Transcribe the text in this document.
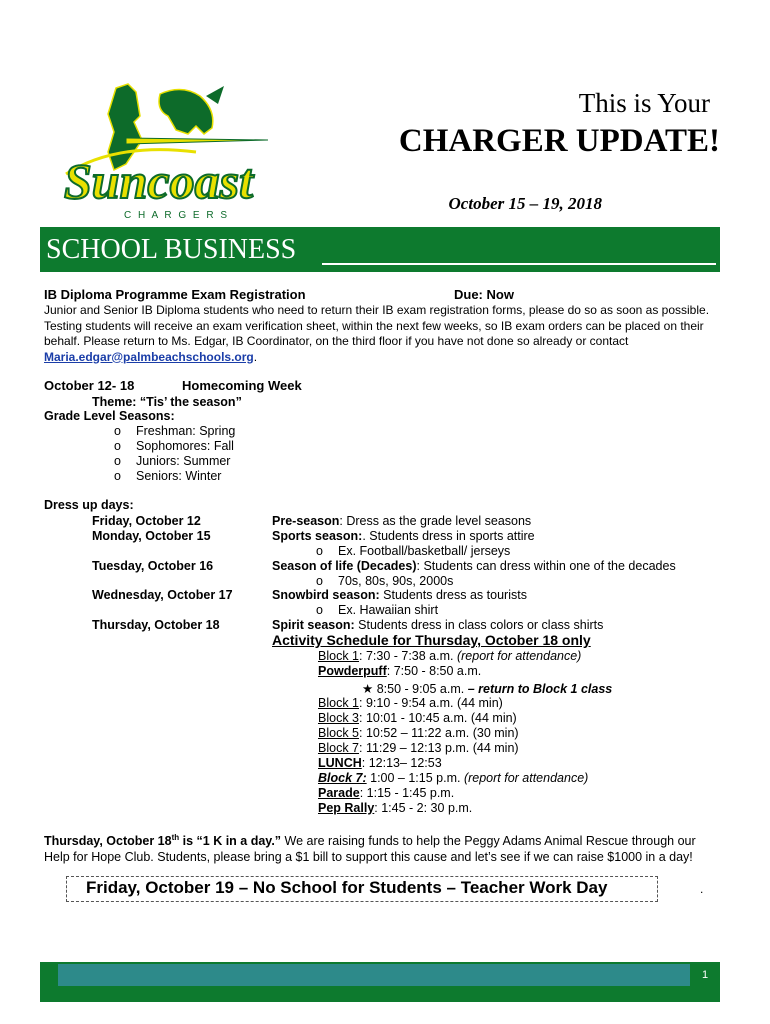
Suncoast
C H A R G E R S
This is Your
CHARGER UPDATE!
October 15 – 19, 2018
SCHOOL BUSINESS
IB Diploma Programme Exam Registration	Due: Now
Junior and Senior IB Diploma students who need to return their IB exam registration forms, please do so as soon as possible. Testing students will receive an exam verification sheet, within the next few weeks, so IB exam orders can be placed on their behalf. Please return to Ms. Edgar, IB Coordinator, on the third floor if you have not done so already or contact Maria.edgar@palmbeachschools.org.
October 12- 18	Homecoming Week
Theme: “Tis’ the season”
Grade Level Seasons:
o Freshman: Spring
o Sophomores: Fall
o Juniors: Summer
o Seniors: Winter
Dress up days:
Friday, October 12	Pre-season: Dress as the grade level seasons
Monday, October 15	Sports season:. Students dress in sports attire
o Ex. Football/basketball/ jerseys
Tuesday, October 16	Season of life (Decades): Students can dress within one of the decades
o 70s, 80s, 90s, 2000s
Wednesday, October 17	Snowbird season: Students dress as tourists
o Ex. Hawaiian shirt
Thursday, October 18	Spirit season: Students dress in class colors or class shirts
Activity Schedule for Thursday, October 18 only
Block 1: 7:30 - 7:38 a.m. (report for attendance)
Powderpuff: 7:50 - 8:50 a.m.
★ 8:50 - 9:05 a.m. – return to Block 1 class
Block 1: 9:10 - 9:54 a.m. (44 min)
Block 3: 10:01 - 10:45 a.m. (44 min)
Block 5: 10:52 – 11:22 a.m. (30 min)
Block 7: 11:29 – 12:13 p.m. (44 min)
LUNCH: 12:13– 12:53
Block 7: 1:00 – 1:15 p.m. (report for attendance)
Parade: 1:15 - 1:45 p.m.
Pep Rally: 1:45 - 2: 30 p.m.
Thursday, October 18th is “1 K in a day.” We are raising funds to help the Peggy Adams Animal Rescue through our Help for Hope Club. Students, please bring a $1 bill to support this cause and let’s see if we can raise $1000 in a day!
Friday, October 19 – No School for Students – Teacher Work Day	.
1
